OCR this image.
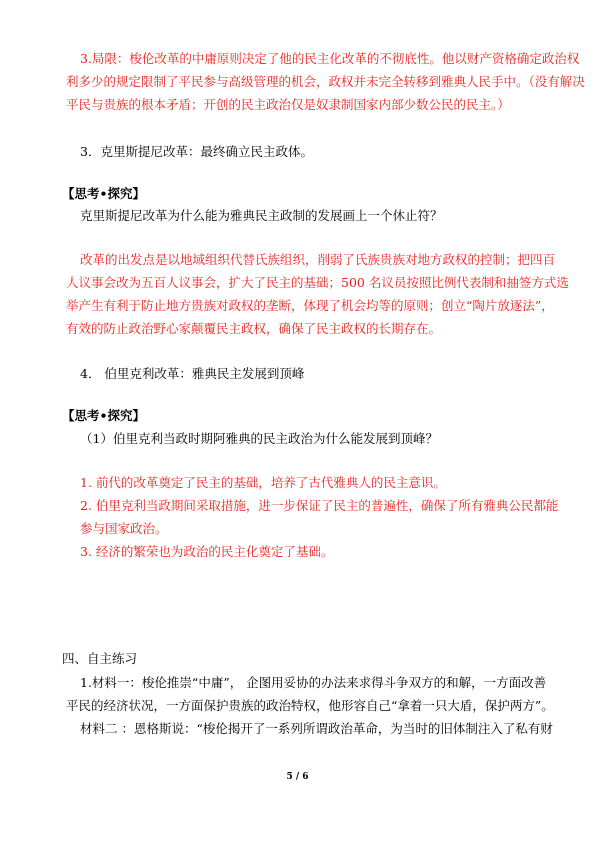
3.局限：梭伦改革的中庸原则决定了他的民主化改革的不彻底性。他以财产资格确定政治权
利多少的规定限制了平民参与高级管理的机会，政权并未完全转移到雅典人民手中。（没有解决
平民与贵族的根本矛盾；开创的民主政治仅是奴隶制国家内部少数公民的民主。）
3．克里斯提尼改革：最终确立民主政体。
【思考•探究】
克里斯提尼改革为什么能为雅典民主政制的发展画上一个休止符？
改革的出发点是以地域组织代替氏族组织，削弱了氏族贵族对地方政权的控制；把四百
人议事会改为五百人议事会，扩大了民主的基础；500 名议员按照比例代表制和抽签方式选
举产生有利于防止地方贵族对政权的垄断，体现了机会均等的原则；创立“陶片放逐法”，
有效的防止政治野心家颠覆民主政权，确保了民主政权的长期存在。
4． 伯里克利改革：雅典民主发展到顶峰
【思考•探究】
（1）伯里克利当政时期阿雅典的民主政治为什么能发展到顶峰？
1. 前代的改革奠定了民主的基础，培养了古代雅典人的民主意识。
2. 伯里克利当政期间采取措施，进一步保证了民主的普遍性，确保了所有雅典公民都能
参与国家政治。
3. 经济的繁荣也为政治的民主化奠定了基础。
四、自主练习
1.材料一：梭伦推崇“中庸”， 企图用妥协的办法来求得斗争双方的和解，一方面改善
平民的经济状况，一方面保护贵族的政治特权，他形容自己“拿着一只大盾，保护两方”。
材料二 ：恩格斯说：“梭伦揭开了一系列所谓政治革命，为当时的旧体制注入了私有财
5 / 6
